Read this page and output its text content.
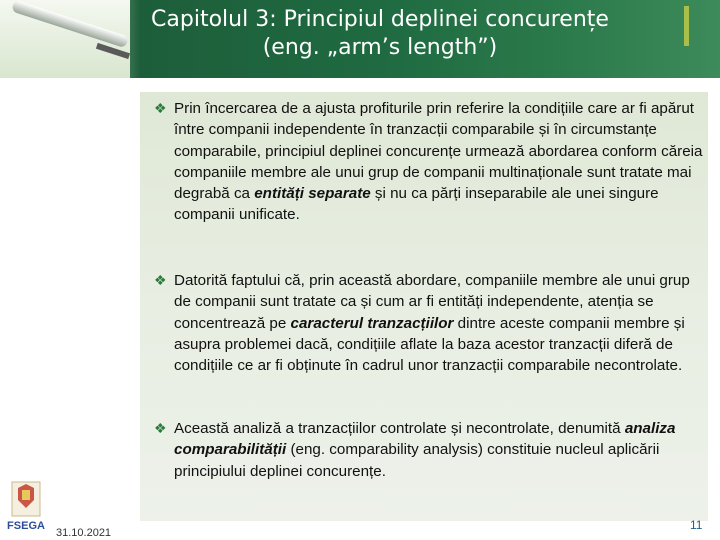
Capitolul 3: Principiul deplinei concurențe
(eng. „arm’s length”)
❖ Prin încercarea de a ajusta profiturile prin referire la condițiile care ar fi apărut între companii independente în tranzacții comparabile și în circumstanțe comparabile, principiul deplinei concurențe urmează abordarea conform căreia companiile membre ale unui grup de companii multinaționale sunt tratate mai degrabă ca entități separate și nu ca părți inseparabile ale unei singure companii unificate.
❖ Datorită faptului că, prin această abordare, companiile membre ale unui grup de companii sunt tratate ca și cum ar fi entități independente, atenția se concentrează pe caracterul tranzacțiilor dintre aceste companii membre și asupra problemei dacă, condițiile aflate la baza acestor tranzacții diferă de condițiile ce ar fi obținute în cadrul unor tranzacții comparabile necontrolate.
❖ Această analiză a tranzacțiilor controlate și necontrolate, denumită analiza comparabilității (eng. comparability analysis) constituie nucleul aplicării principiului deplinei concurențe.
FSEGA
31.10.2021
11
